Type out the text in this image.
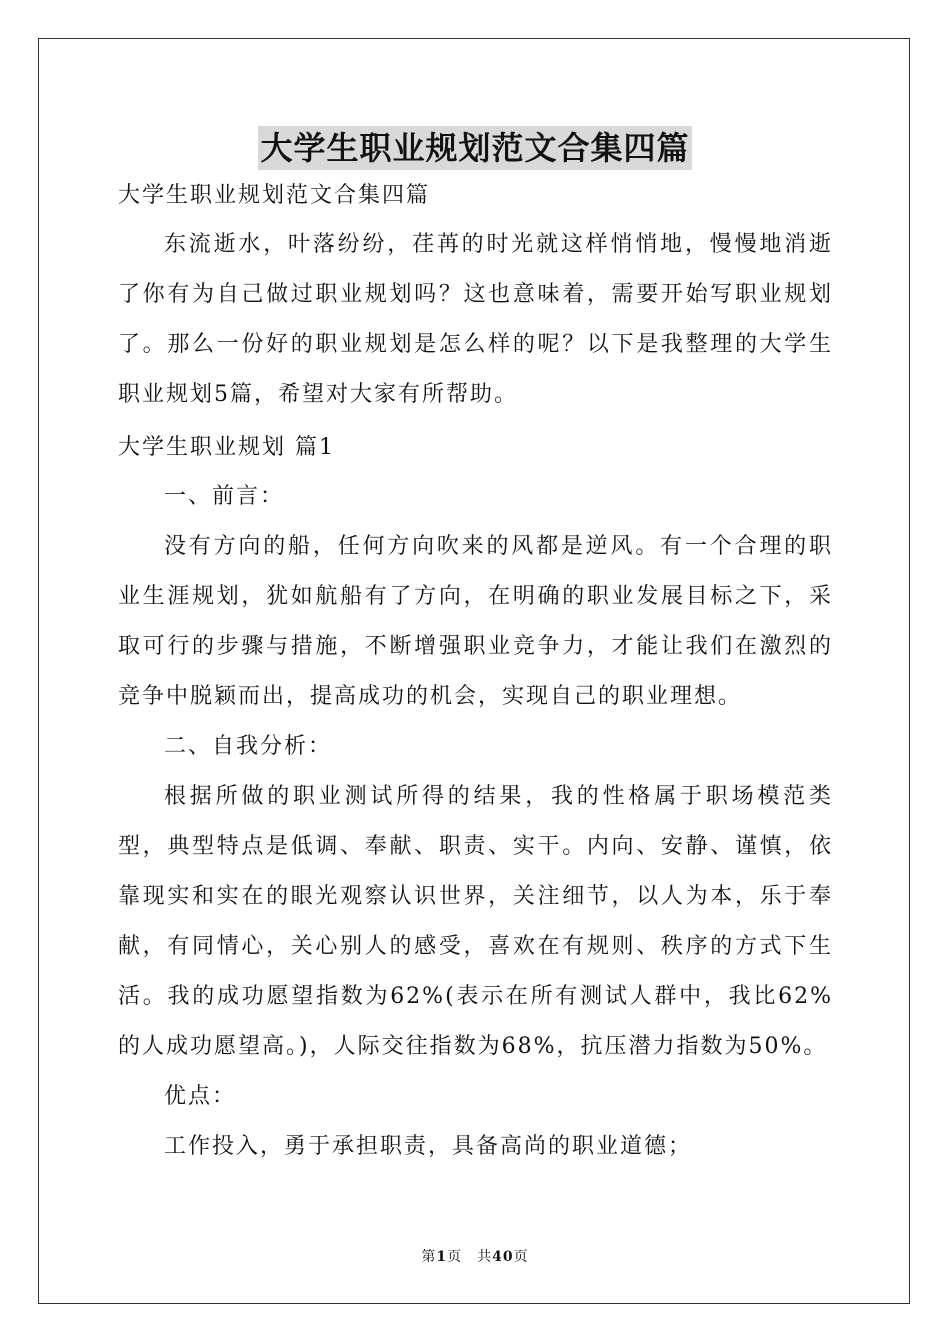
大学生职业规划范文合集四篇

大学生职业规划范文合集四篇

东流逝水，叶落纷纷，荏苒的时光就这样悄悄地，慢慢地消逝了你有为自己做过职业规划吗？这也意味着，需要开始写职业规划了。那么一份好的职业规划是怎么样的呢？以下是我整理的大学生职业规划5篇，希望对大家有所帮助。

大学生职业规划 篇1

一、前言：

没有方向的船，任何方向吹来的风都是逆风。有一个合理的职业生涯规划，犹如航船有了方向，在明确的职业发展目标之下，采取可行的步骤与措施，不断增强职业竞争力，才能让我们在激烈的竞争中脱颖而出，提高成功的机会，实现自己的职业理想。

二、自我分析：

根据所做的职业测试所得的结果，我的性格属于职场模范类型，典型特点是低调、奉献、职责、实干。内向、安静、谨慎，依靠现实和实在的眼光观察认识世界，关注细节，以人为本，乐于奉献，有同情心，关心别人的感受，喜欢在有规则、秩序的方式下生活。我的成功愿望指数为62%(表示在所有测试人群中，我比62%的人成功愿望高。)，人际交往指数为68%，抗压潜力指数为50%。

优点：

工作投入，勇于承担职责，具备高尚的职业道德；

第1页　共40页
